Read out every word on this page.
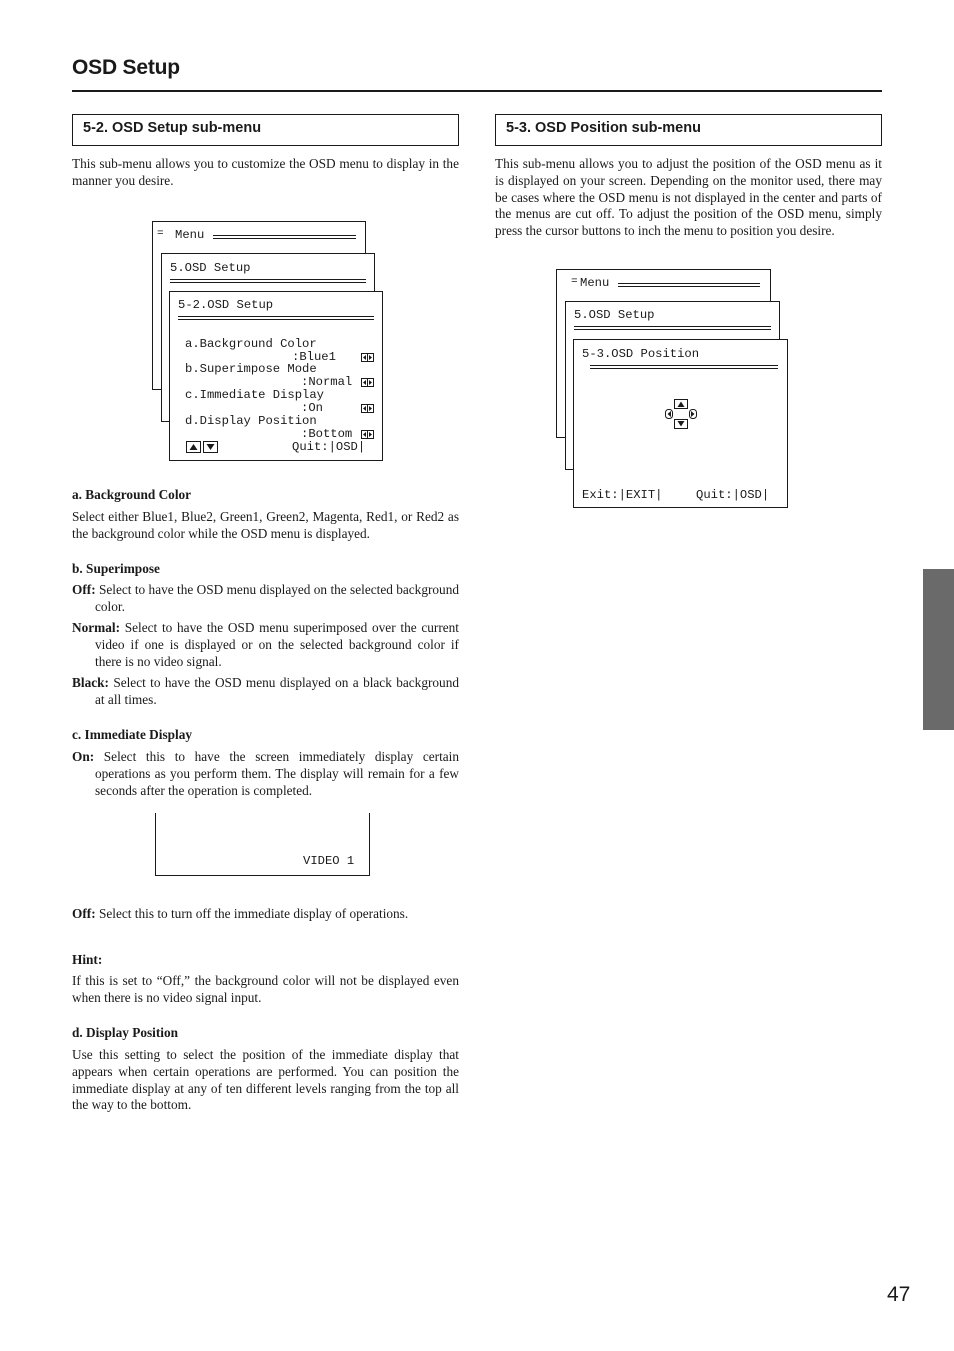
OSD Setup
5-2. OSD Setup sub-menu
This sub-menu allows you to customize the OSD menu to display in the manner you desire.
= Menu
5.OSD Setup
5-2.OSD Setup
a.Background Color
:Blue1
b.Superimpose Mode
:Normal
c.Immediate Display
:On
d.Display Position
:Bottom
Quit:|OSD|
a. Background Color
Select either Blue1, Blue2, Green1, Green2, Magenta, Red1, or Red2 as the background color while the OSD menu is displayed.
b. Superimpose
Off: Select to have the OSD menu displayed on the selected background color.
Normal: Select to have the OSD menu superimposed over the current video if one is displayed or on the selected background color if there is no video signal.
Black: Select to have the OSD menu displayed on a black background at all times.
c. Immediate Display
On: Select this to have the screen immediately display certain operations as you perform them. The display will remain for a few seconds after the operation is completed.
VIDEO 1
Off: Select this to turn off the immediate display of operations.
Hint:
If this is set to “Off,” the background color will not be displayed even when there is no video signal input.
d. Display Position
Use this setting to select the position of the immediate display that appears when certain operations are performed. You can position the immediate display at any of ten different levels ranging from the top all the way to the bottom.
5-3. OSD Position sub-menu
This sub-menu allows you to adjust the position of the OSD menu as it is displayed on your screen. Depending on the monitor used, there may be cases where the OSD menu is not displayed in the center and parts of the menus are cut off. To adjust the position of the OSD menu, simply press the cursor buttons to inch the menu to position you desire.
= Menu
5.OSD Setup
5-3.OSD Position
Exit:|EXIT|	Quit:|OSD|
47
